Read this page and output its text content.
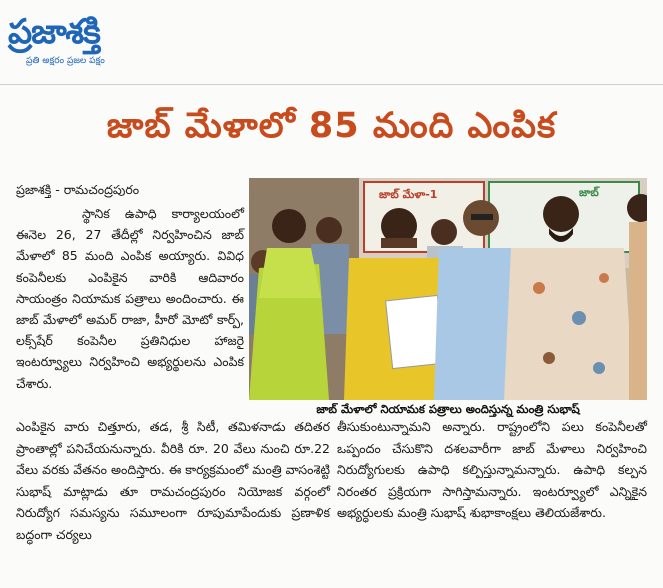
ప్రజాశక్తి
ప్రతి అక్షరం ప్రజల పక్షం
జాబ్ మేళాలో 85 మంది ఎంపిక
ప్రజాశక్తి - రామచంద్రపురం
స్థానిక ఉపాధి కార్యాలయంలో ఈనెల 26, 27 తేదీల్లో నిర్వహించిన జాబ్ మేళాలో 85 మంది ఎంపిక అయ్యారు. వివిధ కంపెనీలకు ఎంపికైన వారికి ఆదివారం సాయంత్రం నియామక పత్రాలు అందించారు. ఈ జాబ్ మేళాలో అమర్ రాజా, హీరో మోటో కార్ప్, లక్స్‌షేర్ కంపెనీల ప్రతినిధుల హాజరై ఇంటర్వ్యూలు నిర్వహించి అభ్యర్థులను ఎంపిక చేశారు.
జాబ్ మేళా-1	జాబ్
జాబ్ మేళాలో నియామక పత్రాలు అందిస్తున్న మంత్రి సుభాష్
ఎంపికైన వారు చిత్తూరు, తడ, శ్రీ సిటీ, తమిళనాడు తదితర ప్రాంతాల్లో పనిచేయనున్నారు. వీరికి రూ. 20 వేలు నుంచి రూ.22 వేలు వరకు వేతనం అందిస్తారు. ఈ కార్యక్రమంలో మంత్రి వాసంశెట్టి సుభాష్ మాట్లాడు తూ రామచంద్రపురం నియోజక వర్గంలో నిరుద్యోగ సమస్యను సమూలంగా రూపుమాపేందుకు ప్రణాళిక బద్ధంగా చర్యలు
తీసుకుంటున్నామని అన్నారు. రాష్ట్రంలోని పలు కంపెనీలతో ఒప్పందం చేసుకొని దశలవారీగా జాబ్ మేళాలు నిర్వహించి నిరుద్యోగులకు ఉపాధి కల్పిస్తున్నామన్నారు. ఉపాధి కల్పన నిరంతర ప్రక్రియగా సాగిస్తామన్నారు. ఇంటర్వ్యూలో ఎన్నికైన అభ్యర్ధులకు మంత్రి సుభాష్ శుభాకాంక్షలు తెలియజేశారు.
